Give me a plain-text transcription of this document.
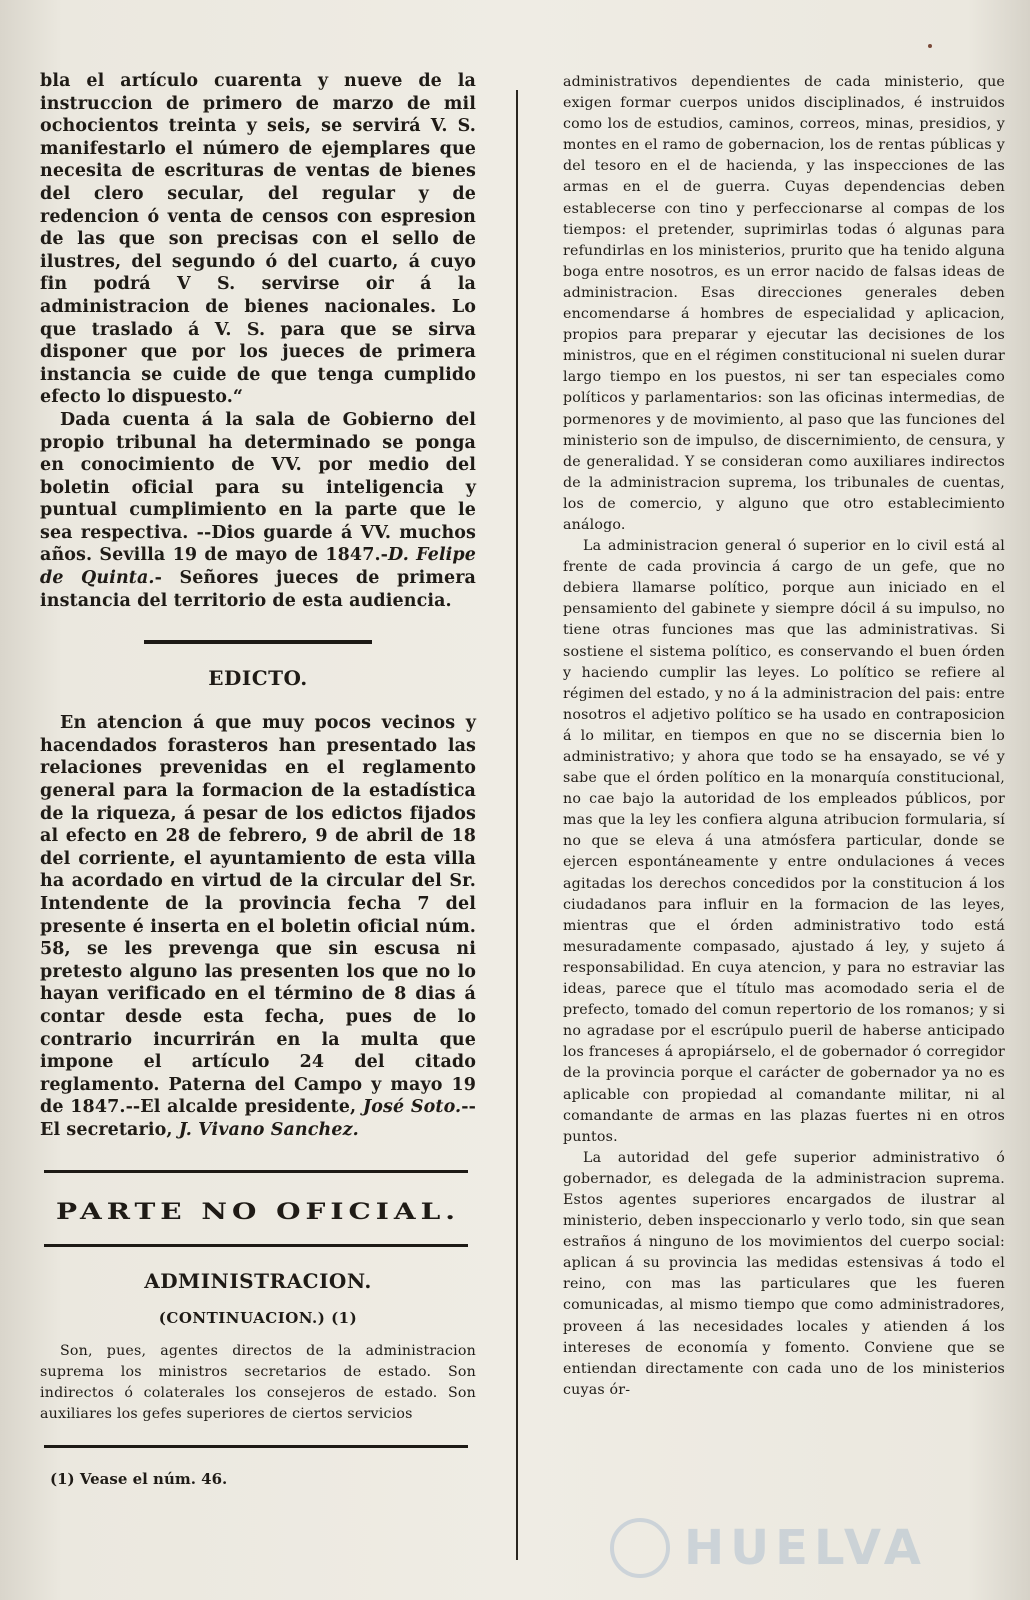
bla el artículo cuarenta y nueve de la instruccion de primero de marzo de mil ochocientos treinta y seis, se servirá V. S. manifestarlo el número de ejemplares que necesita de escrituras de ventas de bienes del clero secular, del regular y de redencion ó venta de censos con espresion de las que son precisas con el sello de ilustres, del segundo ó del cuarto, á cuyo fin podrá V S. servirse oir á la administracion de bienes nacionales. Lo que traslado á V. S. para que se sirva disponer que por los jueces de primera instancia se cuide de que tenga cumplido efecto lo dispuesto.“

Dada cuenta á la sala de Gobierno del propio tribunal ha determinado se ponga en conocimiento de VV. por medio del boletin oficial para su inteligencia y puntual cumplimiento en la parte que le sea respectiva. --Dios guarde á VV. muchos años. Sevilla 19 de mayo de 1847.-D. Felipe de Quinta.- Señores jueces de primera instancia del territorio de esta audiencia.

EDICTO.

En atencion á que muy pocos vecinos y hacendados forasteros han presentado las relaciones prevenidas en el reglamento general para la formacion de la estadística de la riqueza, á pesar de los edictos fijados al efecto en 28 de febrero, 9 de abril de 18 del corriente, el ayuntamiento de esta villa ha acordado en virtud de la circular del Sr. Intendente de la provincia fecha 7 del presente é inserta en el boletin oficial núm. 58, se les prevenga que sin escusa ni pretesto alguno las presenten los que no lo hayan verificado en el término de 8 dias á contar desde esta fecha, pues de lo contrario incurrirán en la multa que impone el artículo 24 del citado reglamento. Paterna del Campo y mayo 19 de 1847.--El alcalde presidente, José Soto.--El secretario, J. Vivano Sanchez.

PARTE NO OFICIAL.
ADMINISTRACION.
(CONTINUACION.) (1)

Son, pues, agentes directos de la administracion suprema los ministros secretarios de estado. Son indirectos ó colaterales los consejeros de estado. Son auxiliares los gefes superiores de ciertos servicios

(1) Vease el núm. 46.

administrativos dependientes de cada ministerio, que exigen formar cuerpos unidos disciplinados, é instruidos como los de estudios, caminos, correos, minas, presidios, y montes en el ramo de gobernacion, los de rentas públicas y del tesoro en el de hacienda, y las inspecciones de las armas en el de guerra. Cuyas dependencias deben establecerse con tino y perfeccionarse al compas de los tiempos: el pretender, suprimirlas todas ó algunas para refundirlas en los ministerios, prurito que ha tenido alguna boga entre nosotros, es un error nacido de falsas ideas de administracion. Esas direcciones generales deben encomendarse á hombres de especialidad y aplicacion, propios para preparar y ejecutar las decisiones de los ministros, que en el régimen constitucional ni suelen durar largo tiempo en los puestos, ni ser tan especiales como políticos y parlamentarios: son las oficinas intermedias, de pormenores y de movimiento, al paso que las funciones del ministerio son de impulso, de discernimiento, de censura, y de generalidad. Y se consideran como auxiliares indirectos de la administracion suprema, los tribunales de cuentas, los de comercio, y alguno que otro establecimiento análogo.

La administracion general ó superior en lo civil está al frente de cada provincia á cargo de un gefe, que no debiera llamarse político, porque aun iniciado en el pensamiento del gabinete y siempre dócil á su impulso, no tiene otras funciones mas que las administrativas. Si sostiene el sistema político, es conservando el buen órden y haciendo cumplir las leyes. Lo político se refiere al régimen del estado, y no á la administracion del pais: entre nosotros el adjetivo político se ha usado en contraposicion á lo militar, en tiempos en que no se discernia bien lo administrativo; y ahora que todo se ha ensayado, se vé y sabe que el órden político en la monarquía constitucional, no cae bajo la autoridad de los empleados públicos, por mas que la ley les confiera alguna atribucion formularia, sí no que se eleva á una atmósfera particular, donde se ejercen espontáneamente y entre ondulaciones á veces agitadas los derechos concedidos por la constitucion á los ciudadanos para influir en la formacion de las leyes, mientras que el órden administrativo todo está mesuradamente compasado, ajustado á ley, y sujeto á responsabilidad. En cuya atencion, y para no estraviar las ideas, parece que el título mas acomodado seria el de prefecto, tomado del comun repertorio de los romanos; y si no agradase por el escrúpulo pueril de haberse anticipado los franceses á apropiárselo, el de gobernador ó corregidor de la provincia porque el carácter de gobernador ya no es aplicable con propiedad al comandante militar, ni al comandante de armas en las plazas fuertes ni en otros puntos.

La autoridad del gefe superior administrativo ó gobernador, es delegada de la administracion suprema. Estos agentes superiores encargados de ilustrar al ministerio, deben inspeccionarlo y verlo todo, sin que sean estraños á ninguno de los movimientos del cuerpo social: aplican á su provincia las medidas estensivas á todo el reino, con mas las particulares que les fueren comunicadas, al mismo tiempo que como administradores, proveen á las necesidades locales y atienden á los intereses de economía y fomento. Conviene que se entiendan directamente con cada uno de los ministerios cuyas ór-

HUELVA
